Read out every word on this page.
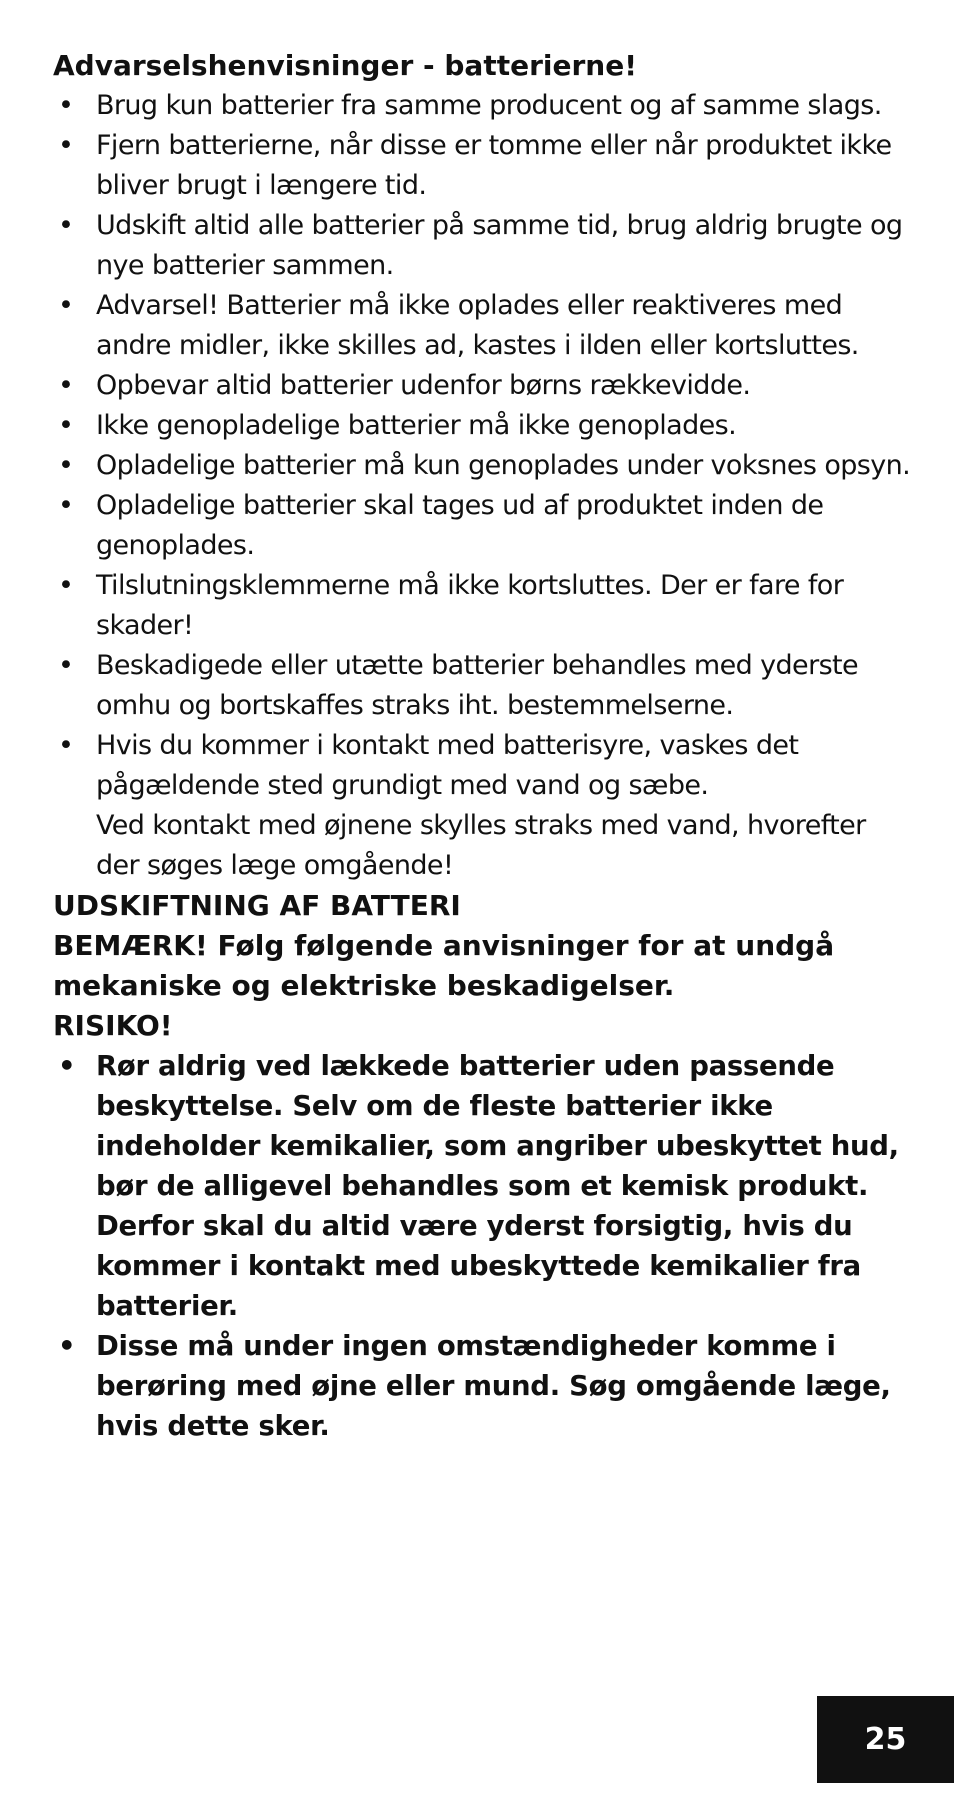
Advarselshenvisninger - batterierne!
• Brug kun batterier fra samme producent og af samme slags.
• Fjern batterierne, når disse er tomme eller når produktet ikke bliver brugt i længere tid.
• Udskift altid alle batterier på samme tid, brug aldrig brugte og nye batterier sammen.
• Advarsel! Batterier må ikke oplades eller reaktiveres med andre midler, ikke skilles ad, kastes i ilden eller kortsluttes.
• Opbevar altid batterier udenfor børns rækkevidde.
• Ikke genopladelige batterier må ikke genoplades.
• Opladelige batterier må kun genoplades under voksnes opsyn.
• Opladelige batterier skal tages ud af produktet inden de genoplades.
• Tilslutningsklemmerne må ikke kortsluttes. Der er fare for skader!
• Beskadigede eller utætte batterier behandles med yderste omhu og bortskaffes straks iht. bestemmelserne.
• Hvis du kommer i kontakt med batterisyre, vaskes det pågældende sted grundigt med vand og sæbe.
Ved kontakt med øjnene skylles straks med vand, hvorefter der søges læge omgående!
UDSKIFTNING AF BATTERI

BEMÆRK! Følg følgende anvisninger for at undgå mekaniske og elektriske beskadigelser.

RISIKO!

• Rør aldrig ved lækkede batterier uden passende beskyttelse. Selv om de fleste batterier ikke indeholder kemikalier, som angriber ubeskyttet hud, bør de alligevel behandles som et kemisk produkt. Derfor skal du altid være yderst forsigtig, hvis du kommer i kontakt med ubeskyttede kemikalier fra batterier.
• Disse må under ingen omstændigheder komme i berøring med øjne eller mund. Søg omgående læge, hvis dette sker.
25
